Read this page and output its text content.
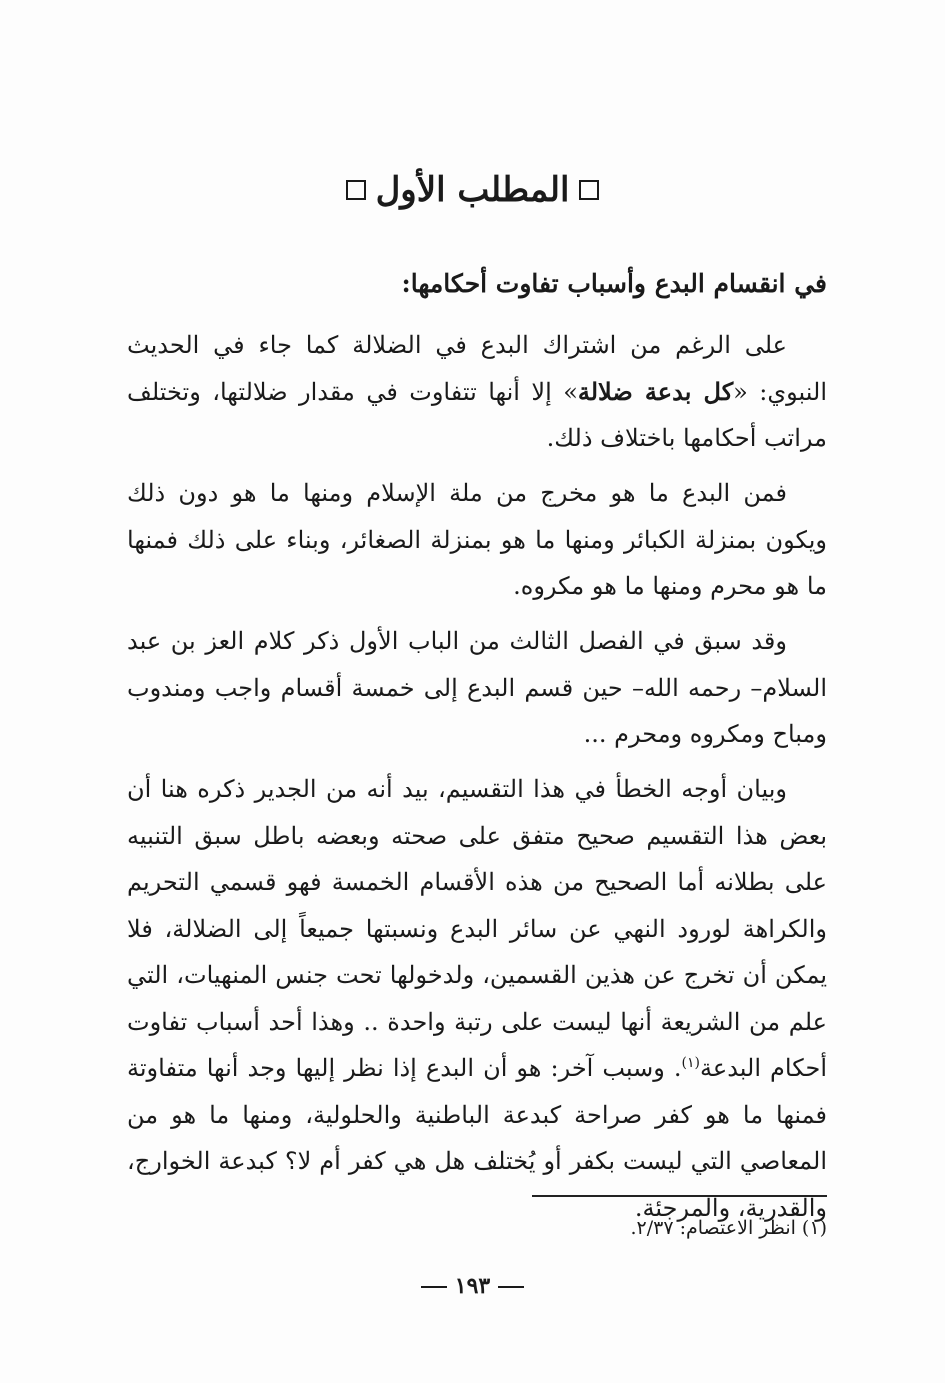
المطلب الأول
في انقسام البدع وأسباب تفاوت أحكامها:
على الرغم من اشتراك البدع في الضلالة كما جاء في الحديث النبوي: «كل بدعة ضلالة» إلا أنها تتفاوت في مقدار ضلالتها، وتختلف مراتب أحكامها باختلاف ذلك.
فمن البدع ما هو مخرج من ملة الإسلام ومنها ما هو دون ذلك ويكون بمنزلة الكبائر ومنها ما هو بمنزلة الصغائر، وبناء على ذلك فمنها ما هو محرم ومنها ما هو مكروه.
وقد سبق في الفصل الثالث من الباب الأول ذكر كلام العز بن عبد السلام– رحمه الله– حين قسم البدع إلى خمسة أقسام واجب ومندوب ومباح ومكروه ومحرم ...
وبيان أوجه الخطأ في هذا التقسيم، بيد أنه من الجدير ذكره هنا أن بعض هذا التقسيم صحيح متفق على صحته وبعضه باطل سبق التنبيه على بطلانه أما الصحيح من هذه الأقسام الخمسة فهو قسمي التحريم والكراهة لورود النهي عن سائر البدع ونسبتها جميعاً إلى الضلالة، فلا يمكن أن تخرج عن هذين القسمين، ولدخولها تحت جنس المنهيات، التي علم من الشريعة أنها ليست على رتبة واحدة .. وهذا أحد أسباب تفاوت أحكام البدعة$^{(١)}$. وسبب آخر: هو أن البدع إذا نظر إليها وجد أنها متفاوتة فمنها ما هو كفر صراحة كبدعة الباطنية والحلولية، ومنها ما هو من المعاصي التي ليست بكفر أو يُختلف هل هي كفر أم لا؟ كبدعة الخوارج، والقدرية، والمرجئة.
(١) انظر الاعتصام: ٢/٣٧.
١٩٣
